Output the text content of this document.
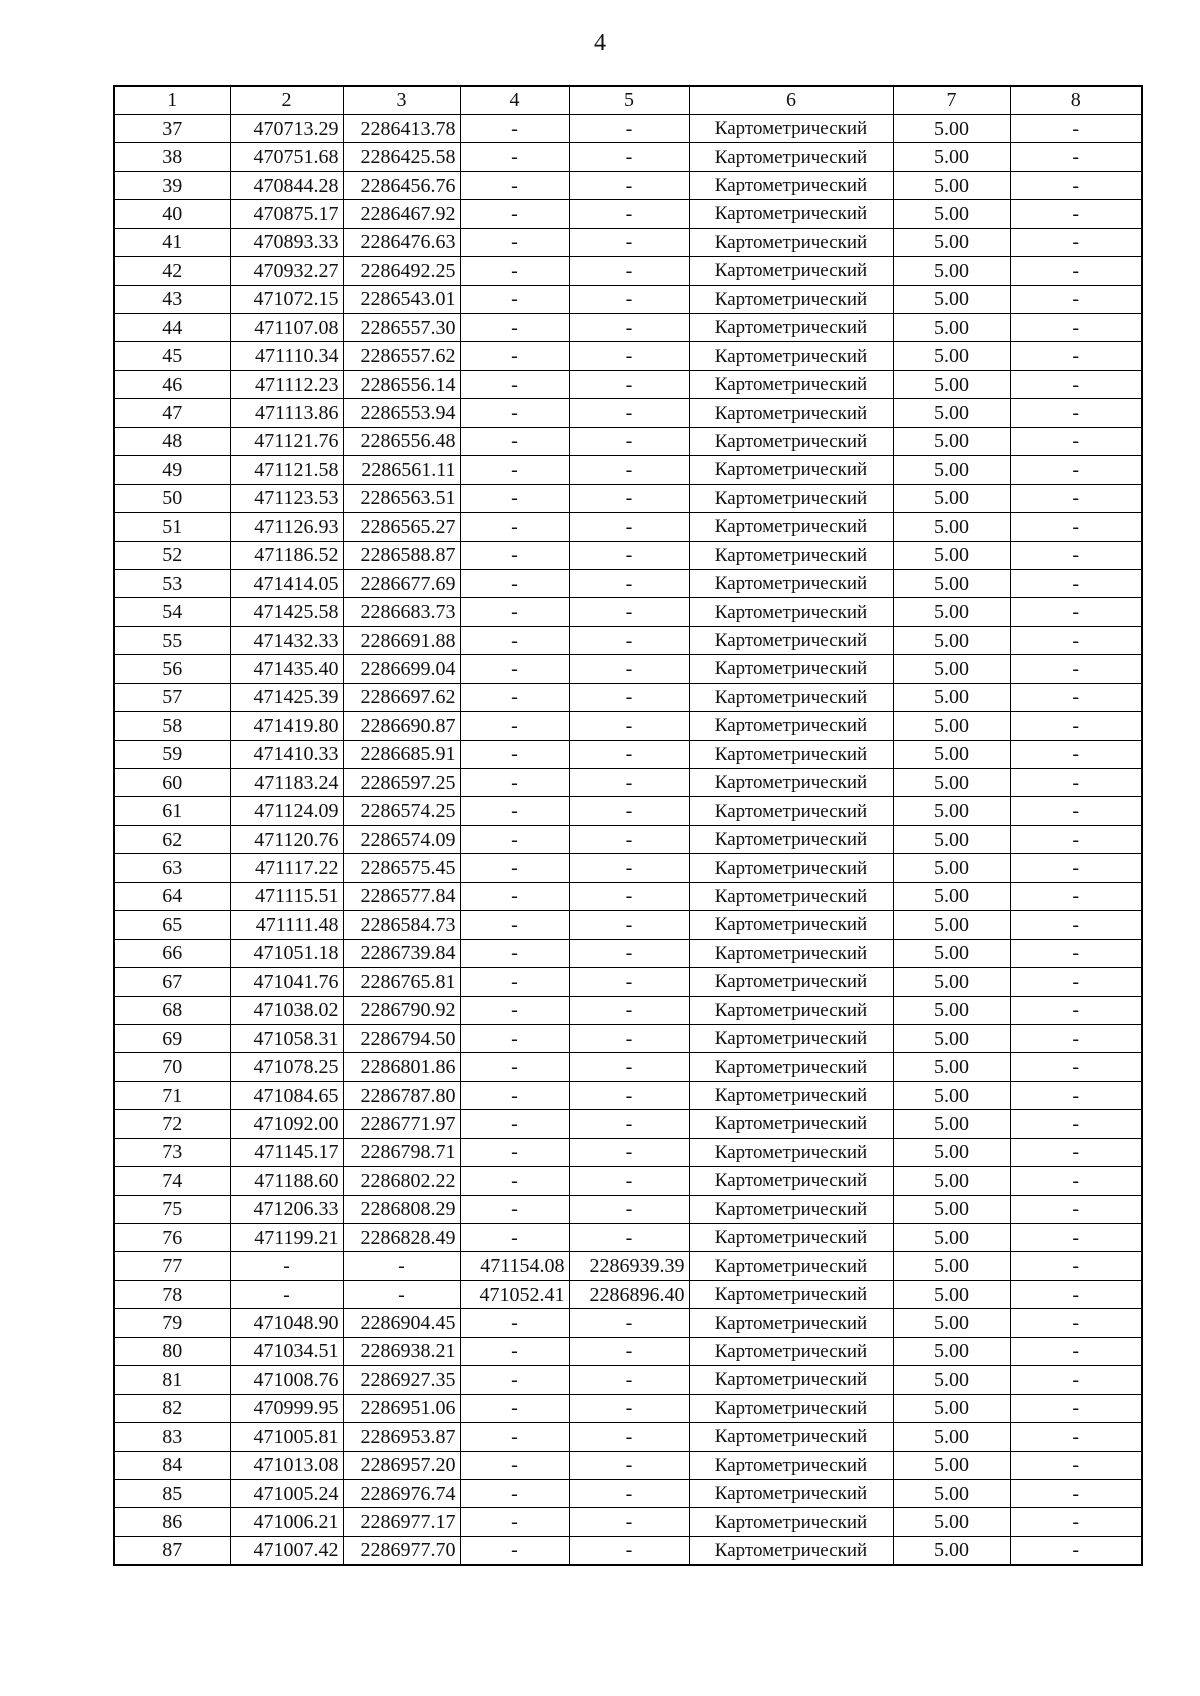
4
1	2	3	4	5	6	7	8
37	470713.29	2286413.78	-	-	Картометрический	5.00	-
38	470751.68	2286425.58	-	-	Картометрический	5.00	-
39	470844.28	2286456.76	-	-	Картометрический	5.00	-
40	470875.17	2286467.92	-	-	Картометрический	5.00	-
41	470893.33	2286476.63	-	-	Картометрический	5.00	-
42	470932.27	2286492.25	-	-	Картометрический	5.00	-
43	471072.15	2286543.01	-	-	Картометрический	5.00	-
44	471107.08	2286557.30	-	-	Картометрический	5.00	-
45	471110.34	2286557.62	-	-	Картометрический	5.00	-
46	471112.23	2286556.14	-	-	Картометрический	5.00	-
47	471113.86	2286553.94	-	-	Картометрический	5.00	-
48	471121.76	2286556.48	-	-	Картометрический	5.00	-
49	471121.58	2286561.11	-	-	Картометрический	5.00	-
50	471123.53	2286563.51	-	-	Картометрический	5.00	-
51	471126.93	2286565.27	-	-	Картометрический	5.00	-
52	471186.52	2286588.87	-	-	Картометрический	5.00	-
53	471414.05	2286677.69	-	-	Картометрический	5.00	-
54	471425.58	2286683.73	-	-	Картометрический	5.00	-
55	471432.33	2286691.88	-	-	Картометрический	5.00	-
56	471435.40	2286699.04	-	-	Картометрический	5.00	-
57	471425.39	2286697.62	-	-	Картометрический	5.00	-
58	471419.80	2286690.87	-	-	Картометрический	5.00	-
59	471410.33	2286685.91	-	-	Картометрический	5.00	-
60	471183.24	2286597.25	-	-	Картометрический	5.00	-
61	471124.09	2286574.25	-	-	Картометрический	5.00	-
62	471120.76	2286574.09	-	-	Картометрический	5.00	-
63	471117.22	2286575.45	-	-	Картометрический	5.00	-
64	471115.51	2286577.84	-	-	Картометрический	5.00	-
65	471111.48	2286584.73	-	-	Картометрический	5.00	-
66	471051.18	2286739.84	-	-	Картометрический	5.00	-
67	471041.76	2286765.81	-	-	Картометрический	5.00	-
68	471038.02	2286790.92	-	-	Картометрический	5.00	-
69	471058.31	2286794.50	-	-	Картометрический	5.00	-
70	471078.25	2286801.86	-	-	Картометрический	5.00	-
71	471084.65	2286787.80	-	-	Картометрический	5.00	-
72	471092.00	2286771.97	-	-	Картометрический	5.00	-
73	471145.17	2286798.71	-	-	Картометрический	5.00	-
74	471188.60	2286802.22	-	-	Картометрический	5.00	-
75	471206.33	2286808.29	-	-	Картометрический	5.00	-
76	471199.21	2286828.49	-	-	Картометрический	5.00	-
77	-	-	471154.08	2286939.39	Картометрический	5.00	-
78	-	-	471052.41	2286896.40	Картометрический	5.00	-
79	471048.90	2286904.45	-	-	Картометрический	5.00	-
80	471034.51	2286938.21	-	-	Картометрический	5.00	-
81	471008.76	2286927.35	-	-	Картометрический	5.00	-
82	470999.95	2286951.06	-	-	Картометрический	5.00	-
83	471005.81	2286953.87	-	-	Картометрический	5.00	-
84	471013.08	2286957.20	-	-	Картометрический	5.00	-
85	471005.24	2286976.74	-	-	Картометрический	5.00	-
86	471006.21	2286977.17	-	-	Картометрический	5.00	-
87	471007.42	2286977.70	-	-	Картометрический	5.00	-
